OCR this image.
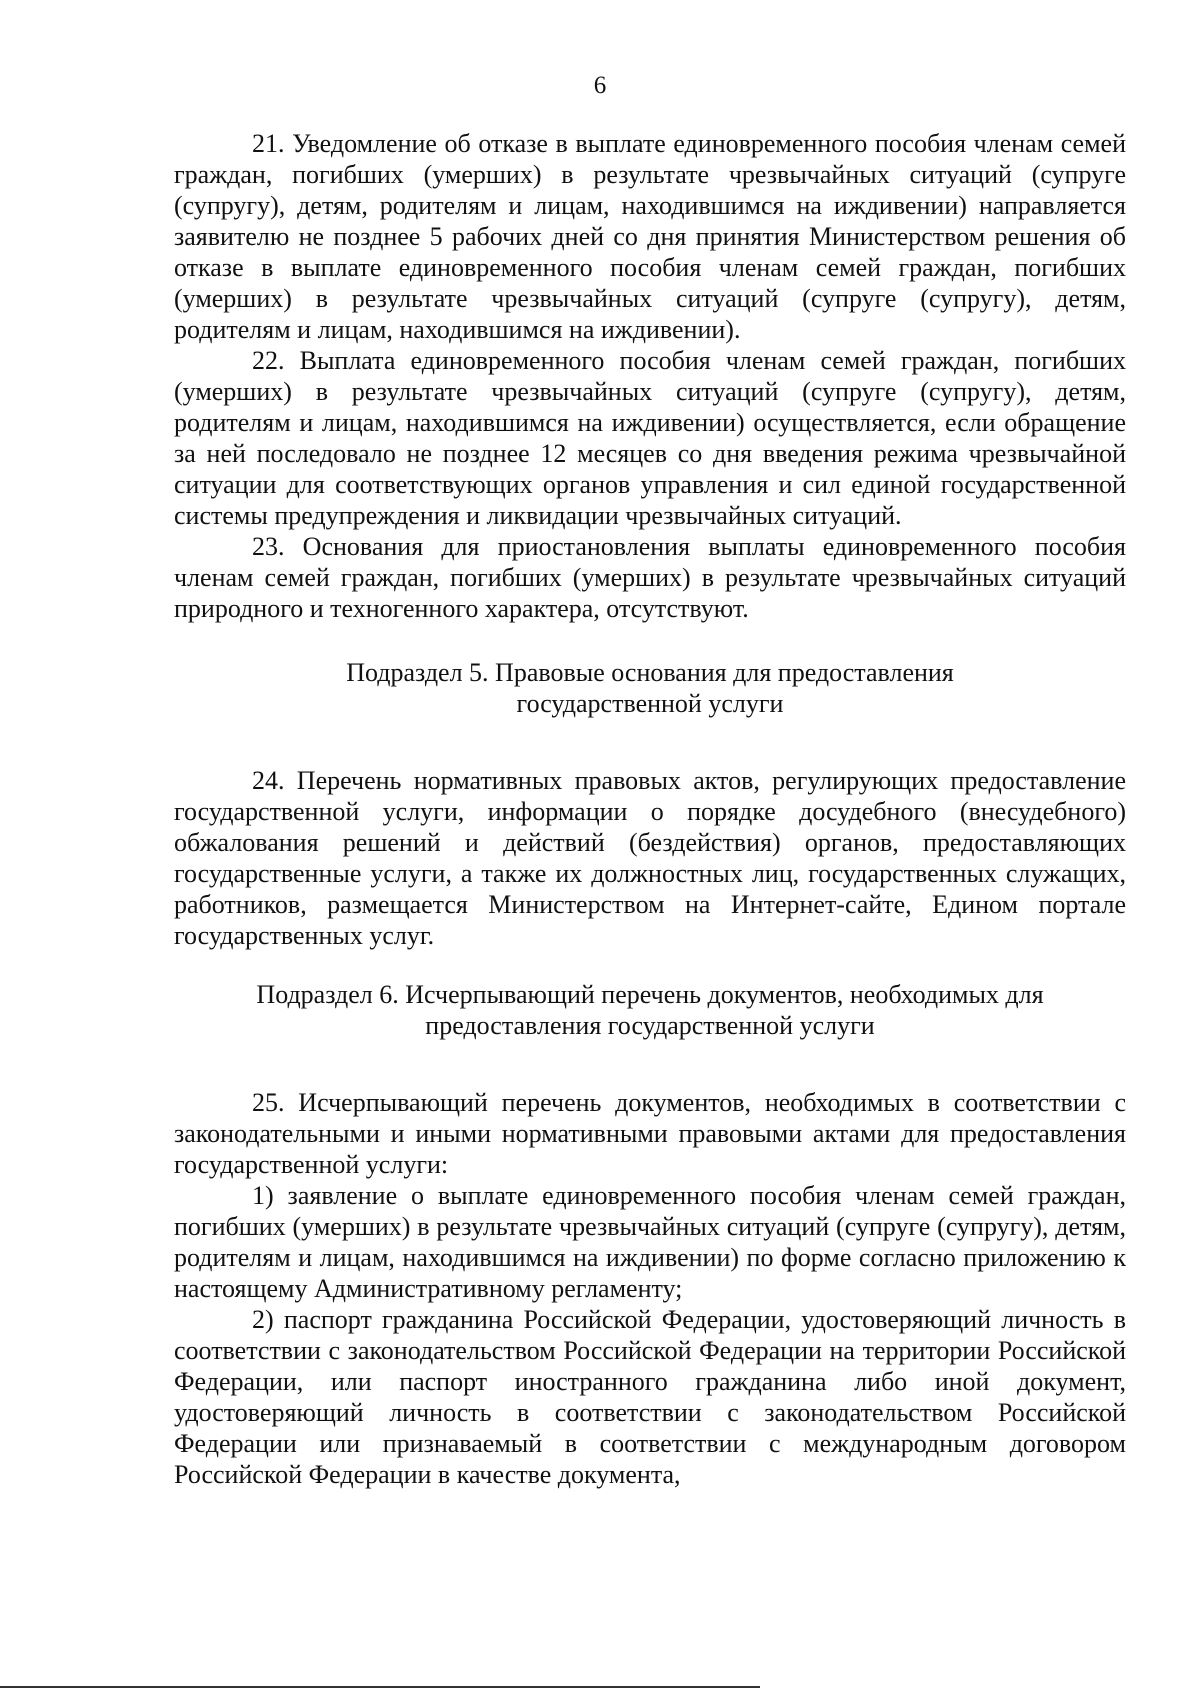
6

21. Уведомление об отказе в выплате единовременного пособия членам семей граждан, погибших (умерших) в результате чрезвычайных ситуаций (супруге (супругу), детям, родителям и лицам, находившимся на иждивении) направляется заявителю не позднее 5 рабочих дней со дня принятия Министерством решения об отказе в выплате единовременного пособия членам семей граждан, погибших (умерших) в результате чрезвычайных ситуаций (супруге (супругу), детям, родителям и лицам, находившимся на иждивении).

22. Выплата единовременного пособия членам семей граждан, погибших (умерших) в результате чрезвычайных ситуаций (супруге (супругу), детям, родителям и лицам, находившимся на иждивении) осуществляется, если обращение за ней последовало не позднее 12 месяцев со дня введения режима чрезвычайной ситуации для соответствующих органов управления и сил единой государственной системы предупреждения и ликвидации чрезвычайных ситуаций.

23. Основания для приостановления выплаты единовременного пособия членам семей граждан, погибших (умерших) в результате чрезвычайных ситуаций природного и техногенного характера, отсутствуют.

Подраздел 5. Правовые основания для предоставления
государственной услуги

24. Перечень нормативных правовых актов, регулирующих предоставление государственной услуги, информации о порядке досудебного (внесудебного) обжалования решений и действий (бездействия) органов, предоставляющих государственные услуги, а также их должностных лиц, государственных служащих, работников, размещается Министерством на Интернет-сайте, Едином портале государственных услуг.

Подраздел 6. Исчерпывающий перечень документов, необходимых для
предоставления государственной услуги

25. Исчерпывающий перечень документов, необходимых в соответствии с законодательными и иными нормативными правовыми актами для предоставления государственной услуги:

1) заявление о выплате единовременного пособия членам семей граждан, погибших (умерших) в результате чрезвычайных ситуаций (супруге (супругу), детям, родителям и лицам, находившимся на иждивении) по форме согласно приложению к настоящему Административному регламенту;

2) паспорт гражданина Российской Федерации, удостоверяющий личность в соответствии с законодательством Российской Федерации на территории Российской Федерации, или паспорт иностранного гражданина либо иной документ, удостоверяющий личность в соответствии с законодательством Российской Федерации или признаваемый в соответствии с международным договором Российской Федерации в качестве документа,
